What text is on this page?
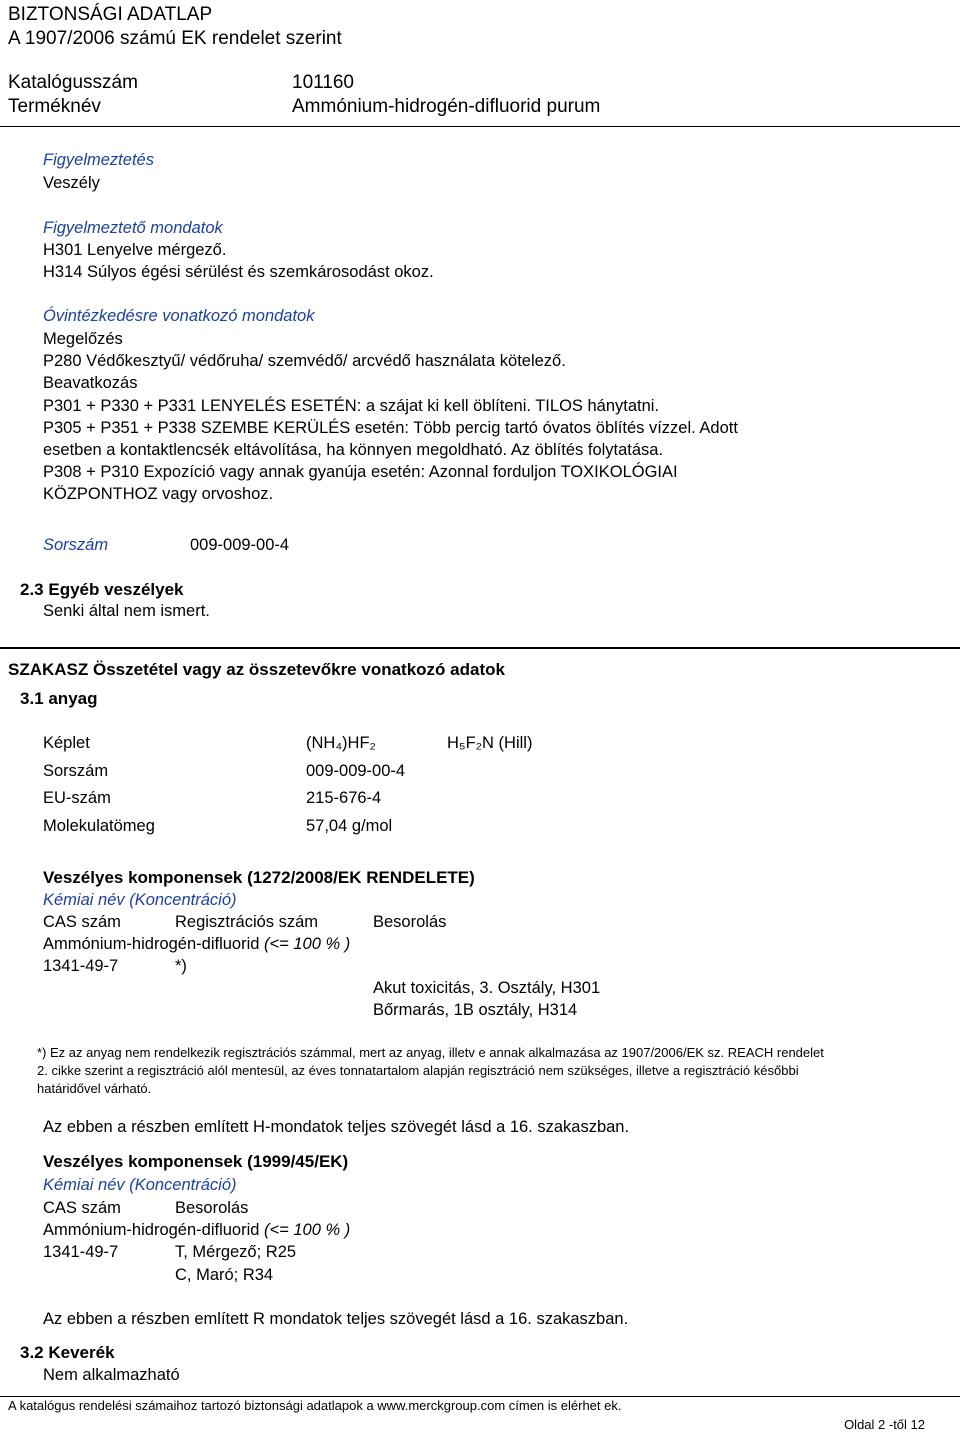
BIZTONSÁGI ADATLAP
A 1907/2006 számú EK rendelet szerint
Katalógusszám	101160
Terméknév	Ammónium-hidrogén-difluorid purum
Figyelmeztetés
Veszély
Figyelmeztető mondatok
H301 Lenyelve mérgező.
H314 Súlyos égési sérülést és szemkárosodást okoz.
Óvintézkedésre vonatkozó mondatok
Megelőzés
P280 Védőkesztyű/ védőruha/ szemvédő/ arcvédő használata kötelező.
Beavatkozás
P301 + P330 + P331 LENYELÉS ESETÉN: a szájat ki kell öblíteni. TILOS hánytatni.
P305 + P351 + P338 SZEMBE KERÜLÉS esetén: Több percig tartó óvatos öblítés vízzel. Adott
esetben a kontaktlencsék eltávolítása, ha könnyen megoldható. Az öblítés folytatása.
P308 + P310 Expozíció vagy annak gyanúja esetén: Azonnal forduljon TOXIKOLÓGIAI
KÖZPONTHOZ vagy orvoshoz.
Sorszám	009-009-00-4
2.3 Egyéb veszélyek
Senki által nem ismert.
SZAKASZ Összetétel vagy az összetevőkre vonatkozó adatok
3.1 anyag
Képlet	(NH₄)HF₂	H₅F₂N (Hill)
Sorszám	009-009-00-4
EU-szám	215-676-4
Molekulatömeg	57,04 g/mol
Veszélyes komponensek (1272/2008/EK RENDELETE)
Kémiai név (Koncentráció)
CAS szám	Regisztrációs szám	Besorolás
Ammónium-hidrogén-difluorid (<= 100 % )
1341-49-7	*)
Akut toxicitás, 3. Osztály, H301
Bőrmarás, 1B osztály, H314
*) Ez az anyag nem rendelkezik regisztrációs számmal, mert az anyag, illetv e annak alkalmazása az 1907/2006/EK sz. REACH rendelet
2. cikke szerint a regisztráció alól mentesül, az éves tonnatartalom alapján regisztráció nem szükséges, illetve a regisztráció későbbi
határidővel várható.
Az ebben a részben említett H-mondatok teljes szövegét lásd a 16. szakaszban.
Veszélyes komponensek (1999/45/EK)
Kémiai név (Koncentráció)
CAS szám	Besorolás
Ammónium-hidrogén-difluorid (<= 100 % )
1341-49-7	T, Mérgező; R25
C, Maró; R34
Az ebben a részben említett R mondatok teljes szövegét lásd a 16. szakaszban.
3.2 Keverék
Nem alkalmazható
A katalógus rendelési számaihoz tartozó biztonsági adatlapok a www.merckgroup.com címen is elérhet ek.
Oldal 2 -től 12
